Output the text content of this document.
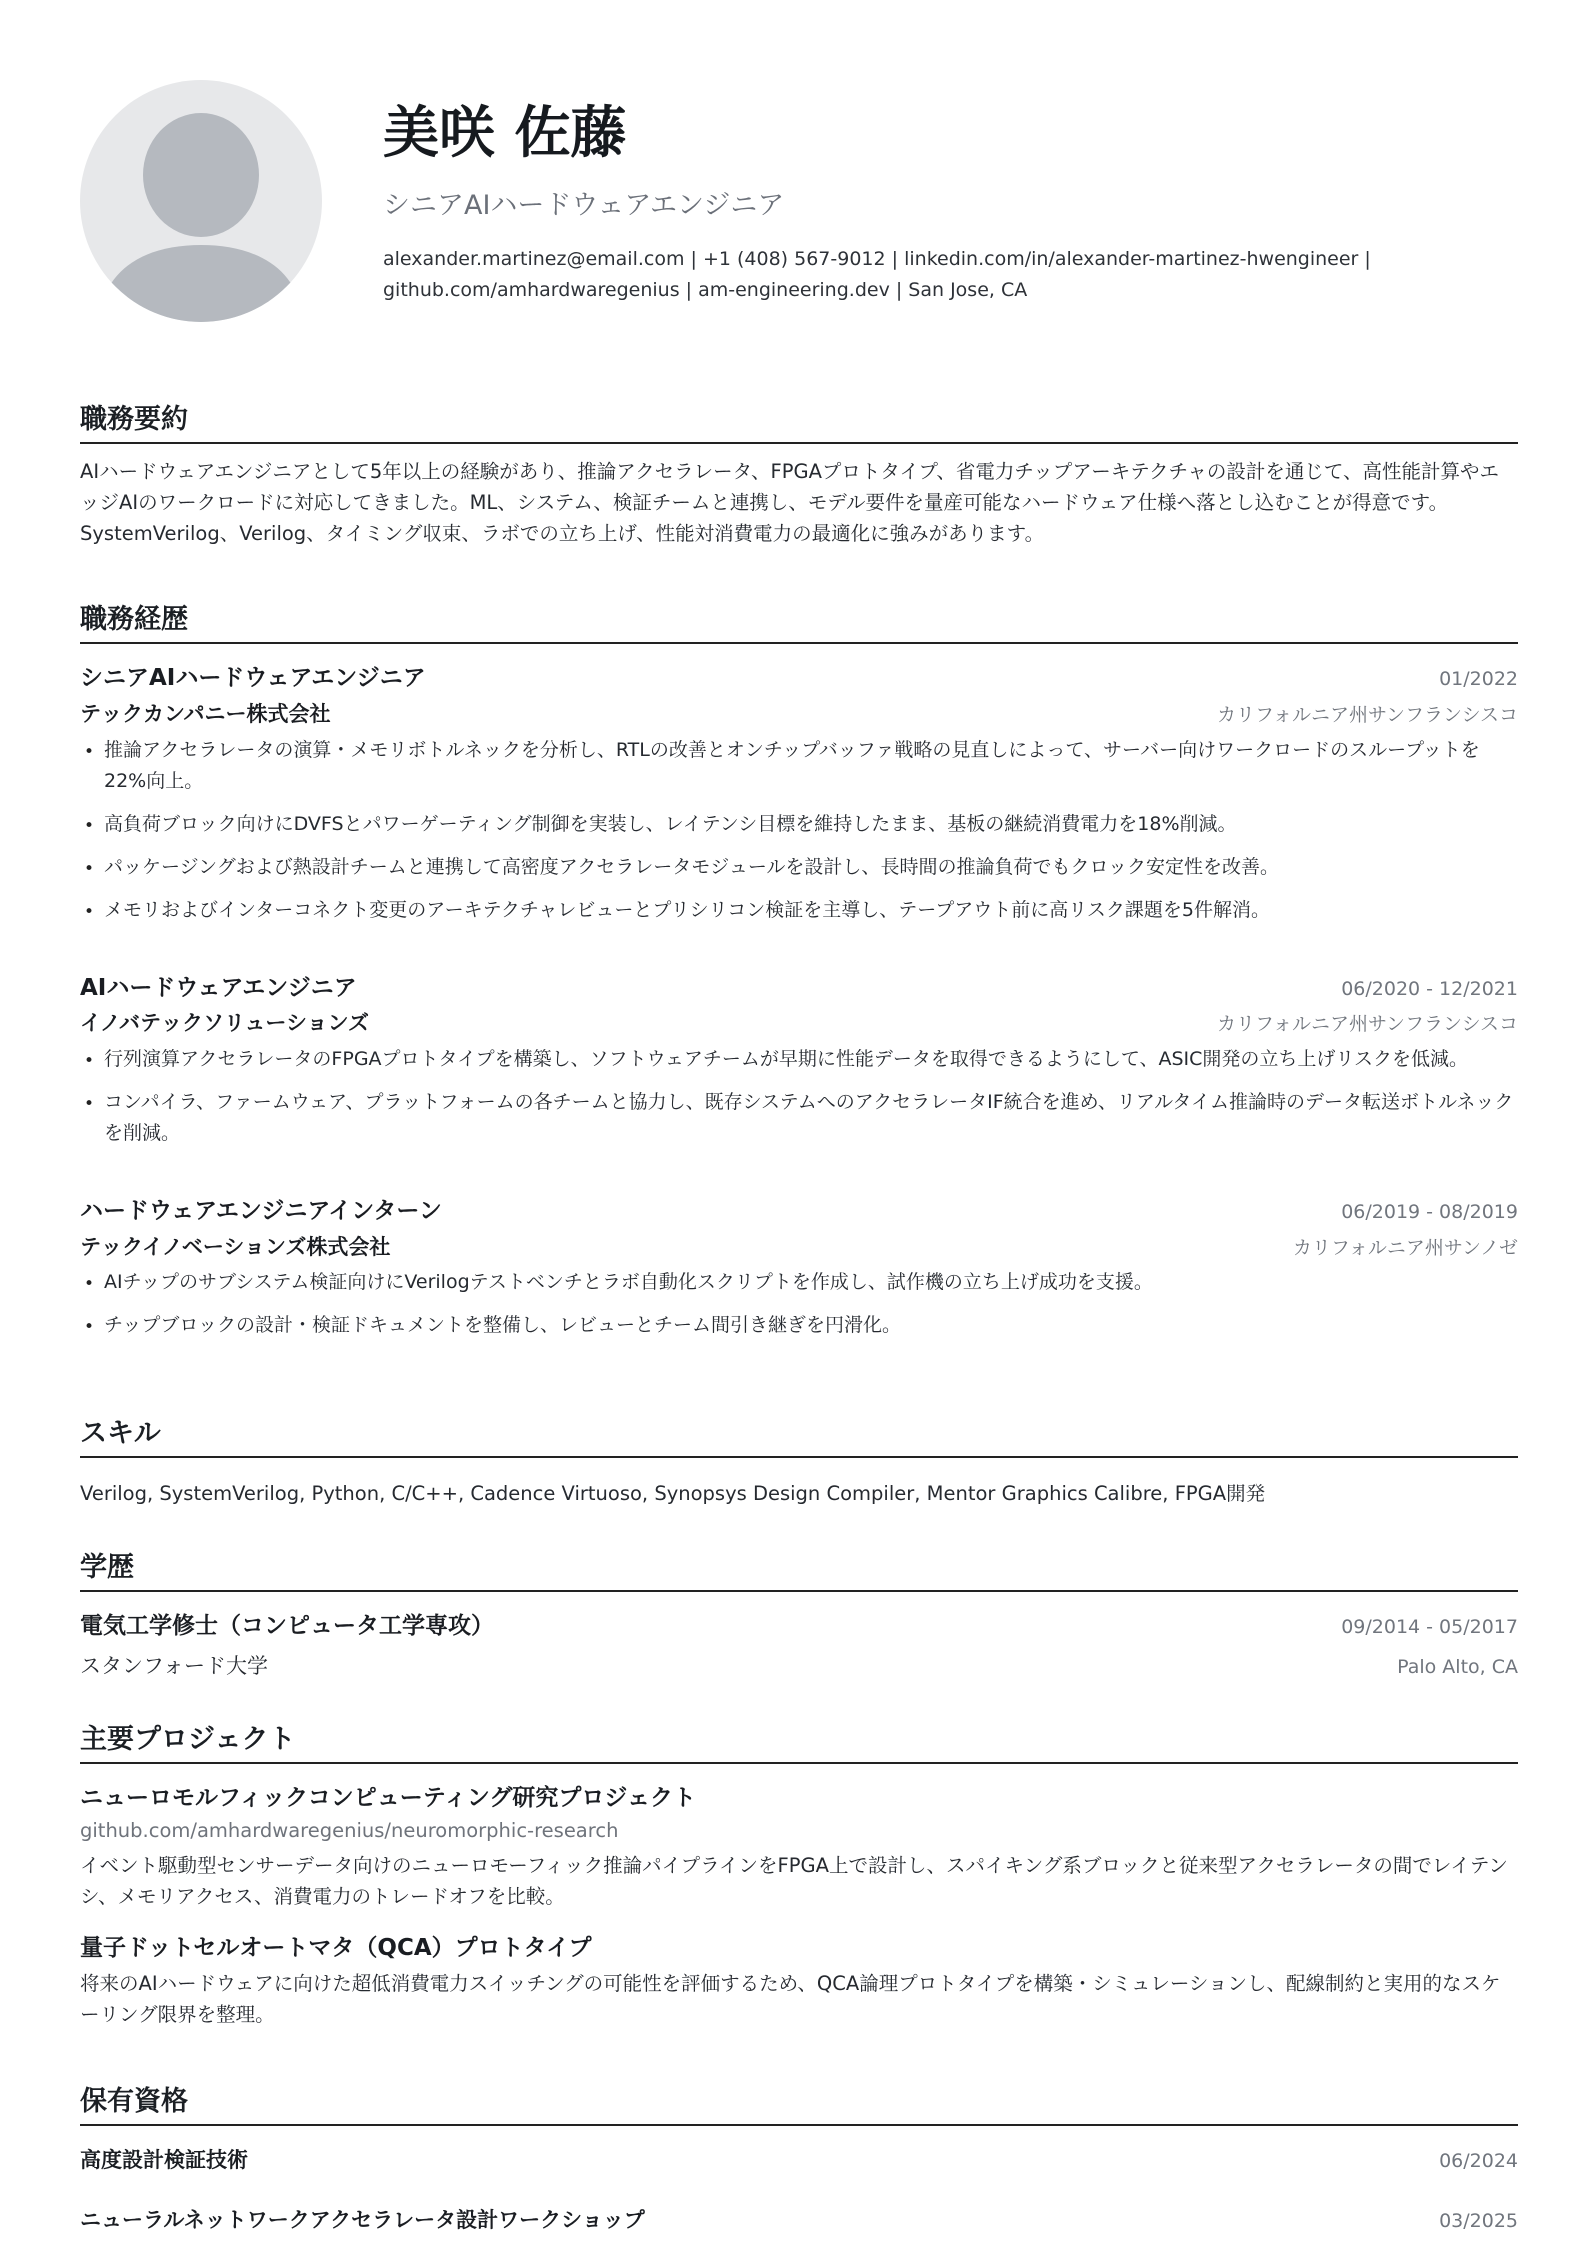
美咲 佐藤
シニアAIハードウェアエンジニア
alexander.martinez@email.com | +1 (408) 567-9012 | linkedin.com/in/alexander-martinez-hwengineer | github.com/amhardwaregenius | am-engineering.dev | San Jose, CA
職務要約

AIハードウェアエンジニアとして5年以上の経験があり、推論アクセラレータ、FPGAプロトタイプ、省電力チップアーキテクチャの設計を通じて、高性能計算やエッジAIのワークロードに対応してきました。ML、システム、検証チームと連携し、モデル要件を量産可能なハードウェア仕様へ落とし込むことが得意です。SystemVerilog、Verilog、タイミング収束、ラボでの立ち上げ、性能対消費電力の最適化に強みがあります。

職務経歴
シニアAIハードウェアエンジニア	01/2022
テックカンパニー株式会社	カリフォルニア州サンフランシスコ
• 推論アクセラレータの演算・メモリボトルネックを分析し、RTLの改善とオンチップバッファ戦略の見直しによって、サーバー向けワークロードのスループットを22%向上。
• 高負荷ブロック向けにDVFSとパワーゲーティング制御を実装し、レイテンシ目標を維持したまま、基板の継続消費電力を18%削減。
• パッケージングおよび熱設計チームと連携して高密度アクセラレータモジュールを設計し、長時間の推論負荷でもクロック安定性を改善。
• メモリおよびインターコネクト変更のアーキテクチャレビューとプリシリコン検証を主導し、テープアウト前に高リスク課題を5件解消。
AIハードウェアエンジニア	06/2020 - 12/2021
イノバテックソリューションズ	カリフォルニア州サンフランシスコ
• 行列演算アクセラレータのFPGAプロトタイプを構築し、ソフトウェアチームが早期に性能データを取得できるようにして、ASIC開発の立ち上げリスクを低減。
• コンパイラ、ファームウェア、プラットフォームの各チームと協力し、既存システムへのアクセラレータIF統合を進め、リアルタイム推論時のデータ転送ボトルネックを削減。
ハードウェアエンジニアインターン	06/2019 - 08/2019
テックイノベーションズ株式会社	カリフォルニア州サンノゼ
• AIチップのサブシステム検証向けにVerilogテストベンチとラボ自動化スクリプトを作成し、試作機の立ち上げ成功を支援。
• チップブロックの設計・検証ドキュメントを整備し、レビューとチーム間引き継ぎを円滑化。
スキル
Verilog, SystemVerilog, Python, C/C++, Cadence Virtuoso, Synopsys Design Compiler, Mentor Graphics Calibre, FPGA開発
学歴
電気工学修士（コンピュータ工学専攻）	09/2014 - 05/2017
スタンフォード大学	Palo Alto, CA
主要プロジェクト
ニューロモルフィックコンピューティング研究プロジェクト
github.com/amhardwaregenius/neuromorphic-research
イベント駆動型センサーデータ向けのニューロモーフィック推論パイプラインをFPGA上で設計し、スパイキング系ブロックと従来型アクセラレータの間でレイテンシ、メモリアクセス、消費電力のトレードオフを比較。
量子ドットセルオートマタ（QCA）プロトタイプ
将来のAIハードウェアに向けた超低消費電力スイッチングの可能性を評価するため、QCA論理プロトタイプを構築・シミュレーションし、配線制約と実用的なスケーリング限界を整理。
保有資格
高度設計検証技術	06/2024
ニューラルネットワークアクセラレータ設計ワークショップ	03/2025
